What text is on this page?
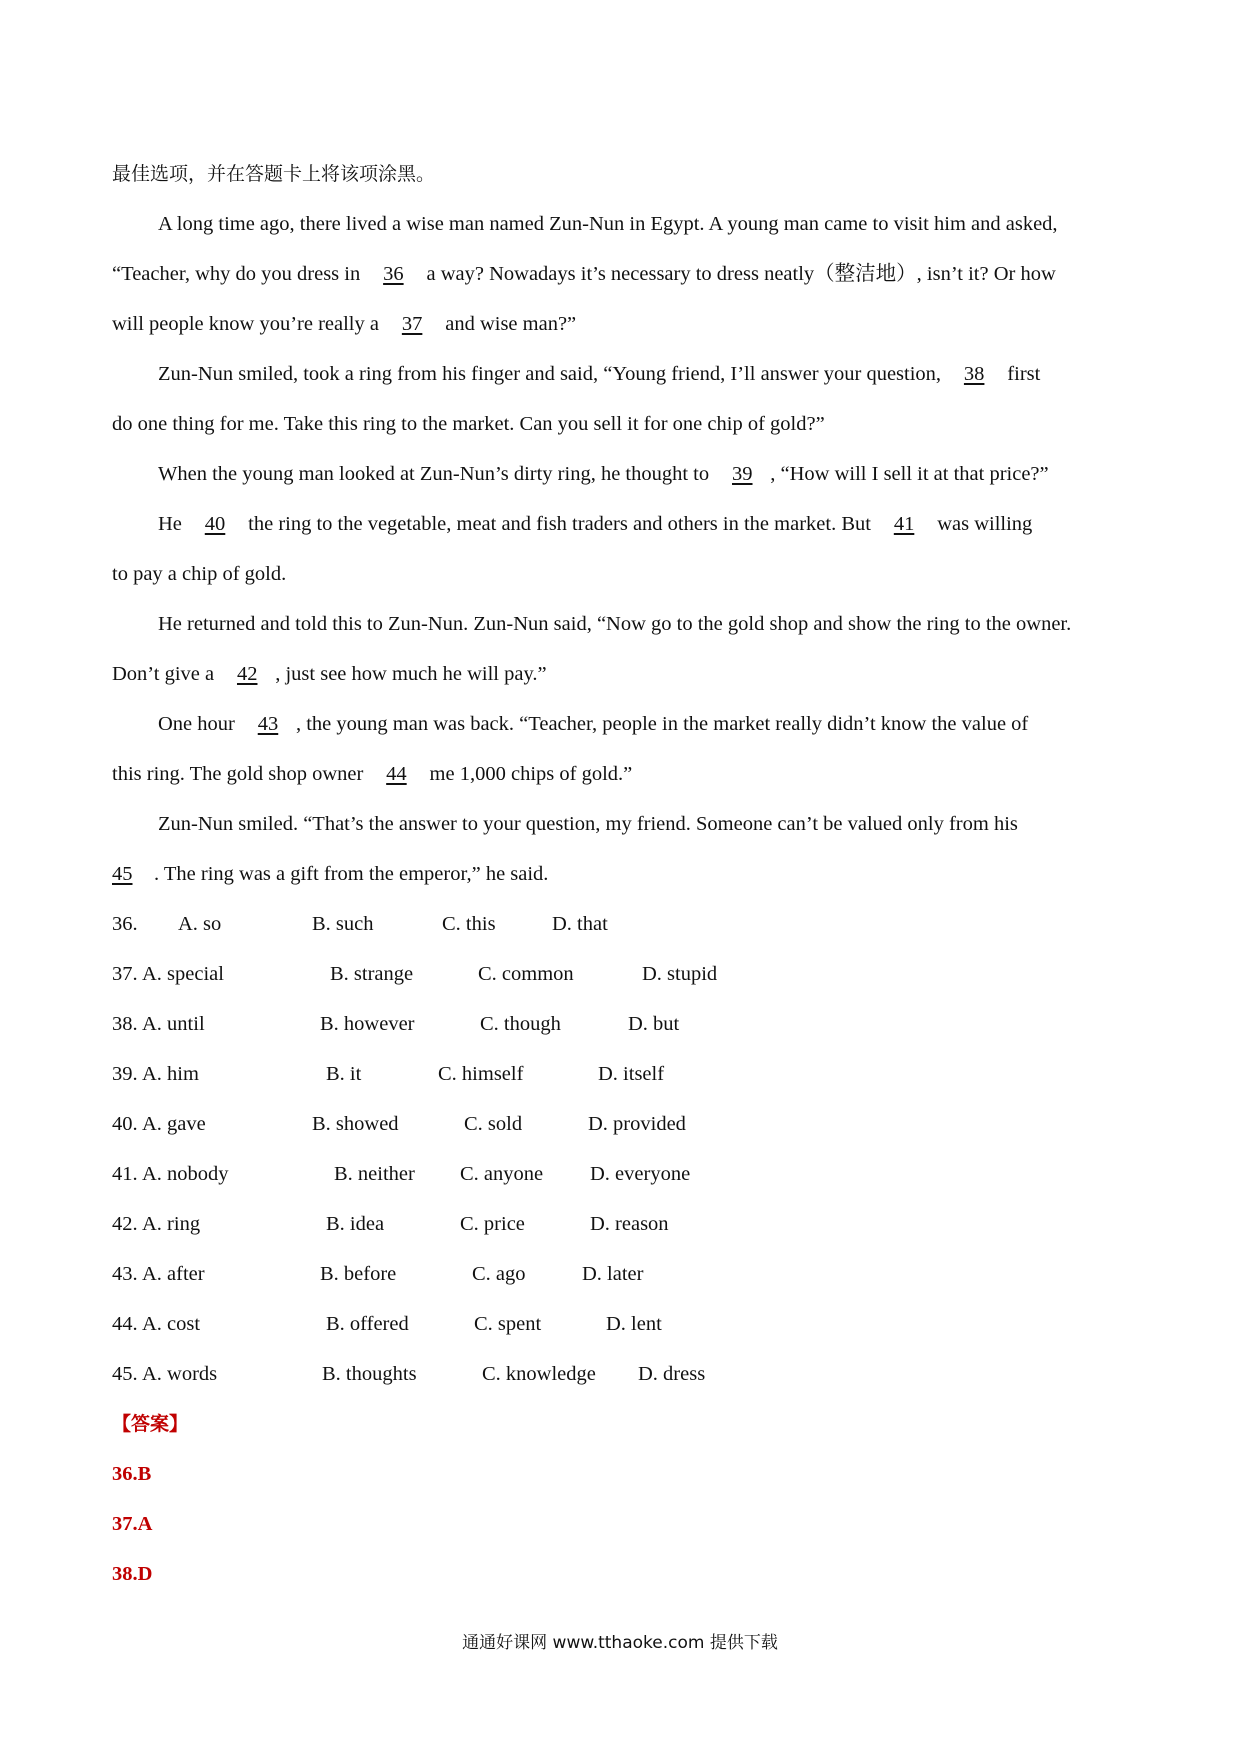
最佳选项，并在答题卡上将该项涂黑。
A long time ago, there lived a wise man named Zun-Nun in Egypt. A young man came to visit him and asked,
“Teacher, why do you dress in 36 a way? Nowadays it’s necessary to dress neatly（整洁地）, isn’t it? Or how
will people know you’re really a 37 and wise man?”
Zun-Nun smiled, took a ring from his finger and said, “Young friend, I’ll answer your question, 38 first
do one thing for me. Take this ring to the market. Can you sell it for one chip of gold?”
When the young man looked at Zun-Nun’s dirty ring, he thought to 39 , “How will I sell it at that price?”
He 40 the ring to the vegetable, meat and fish traders and others in the market. But 41 was willing
to pay a chip of gold.
He returned and told this to Zun-Nun. Zun-Nun said, “Now go to the gold shop and show the ring to the owner.
Don’t give a 42 , just see how much he will pay.”
One hour 43 , the young man was back. “Teacher, people in the market really didn’t know the value of
this ring. The gold shop owner 44 me 1,000 chips of gold.”
Zun-Nun smiled. “That’s the answer to your question, my friend. Someone can’t be valued only from his
45 . The ring was a gift from the emperor,” he said.
36. A. so	B. such	C. this	D. that
37. A. special	B. strange	C. common	D. stupid
38. A. until	B. however	C. though	D. but
39. A. him	B. it	C. himself	D. itself
40. A. gave	B. showed	C. sold	D. provided
41. A. nobody	B. neither C. anyone D. everyone
42. A. ring	B. idea	C. price	D. reason
43. A. after	B. before	C. ago	D. later
44. A. cost	B. offered	C. spent	D. lent
45. A. words	B. thoughts	C. knowledge D. dress
【答案】
36.B
37.A
38.D
通通好课网 www.tthaoke.com 提供下载
